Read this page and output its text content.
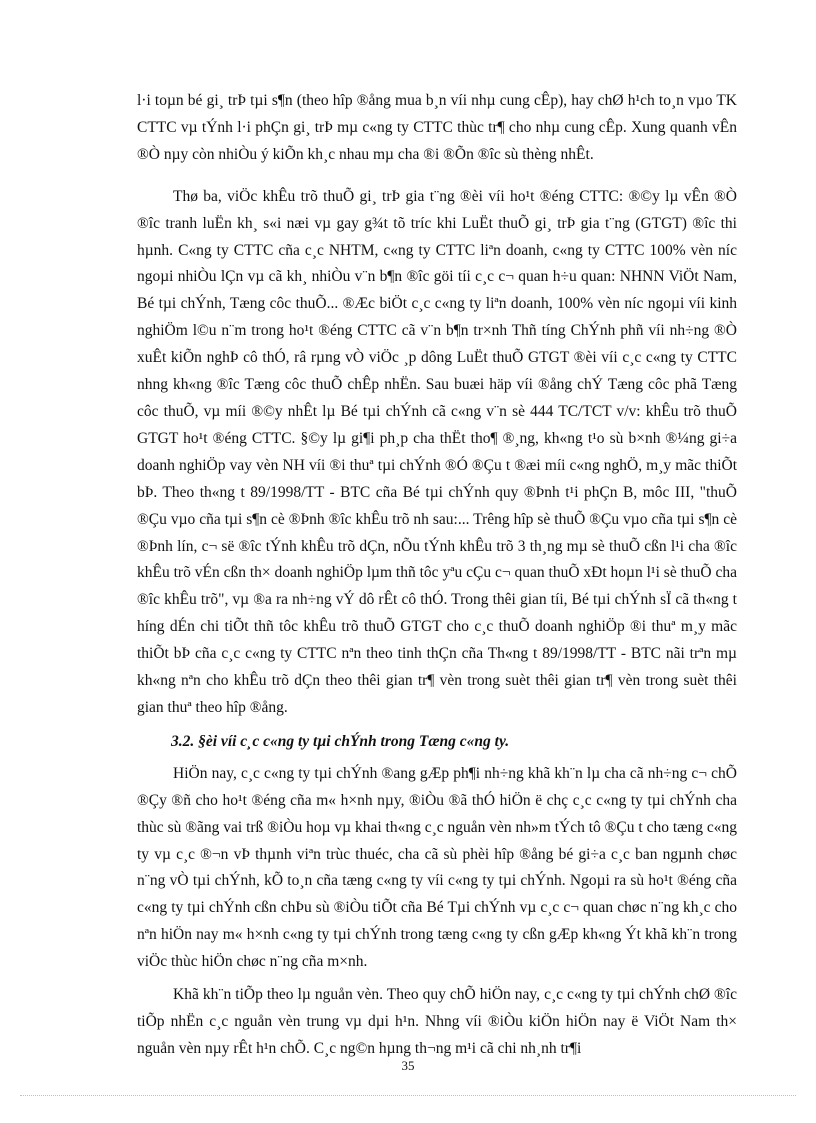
l·i toµn bé gi¸ trÞ tµi s¶n (theo hîp ®ång mua b¸n víi nhµ cung cÊp), hay chØ h¹ch to¸n vµo TK CTTC vµ tÝnh l·i phÇn gi¸ trÞ mµ c«ng ty CTTC thùc tr¶ cho nhµ cung cÊp. Xung quanh vÊn ®Ò nµy còn nhiÒu ý kiÕn kh¸c nhau mµ cha ®i ®Õn ®îc sù thèng nhÊt.

Thø ba, viÖc khÊu trõ thuÕ gi¸ trÞ gia t¨ng ®èi víi ho¹t ®éng CTTC: ®©y lµ vÊn ®Ò ®îc tranh luËn kh¸ s«i næi vµ gay g¾t tõ tríc khi LuËt thuÕ gi¸ trÞ gia t¨ng (GTGT) ®îc thi hµnh. C«ng ty CTTC cña c¸c NHTM, c«ng ty CTTC liªn doanh, c«ng ty CTTC 100% vèn níc ngoµi nhiÒu lÇn vµ cã kh¸ nhiÒu v¨n b¶n ®îc göi tíi c¸c c¬ quan h÷u quan: NHNN ViÖt Nam, Bé tµi chÝnh, Tæng côc thuÕ... ®Æc biÖt c¸c c«ng ty liªn doanh, 100% vèn níc ngoµi víi kinh nghiÖm l©u n¨m trong ho¹t ®éng CTTC cã v¨n b¶n tr×nh Thñ tíng ChÝnh phñ víi nh÷ng ®Ò xuÊt kiÕn nghÞ cô thÓ, râ rµng vÒ viÖc ¸p dông LuËt thuÕ GTGT ®èi víi c¸c c«ng ty CTTC nhng kh«ng ®îc Tæng côc thuÕ chÊp nhËn. Sau buæi häp víi ®ång chÝ Tæng côc phã Tæng côc thuÕ, vµ míi ®©y nhÊt lµ Bé tµi chÝnh cã c«ng v¨n sè 444 TC/TCT v/v: khÊu trõ thuÕ GTGT ho¹t ®éng CTTC. §©y lµ gi¶i ph¸p cha thËt tho¶ ®¸ng, kh«ng t¹o sù b×nh ®¼ng gi÷a doanh nghiÖp vay vèn NH víi ®i thuª tµi chÝnh ®Ó ®Çu t ®æi míi c«ng nghÖ, m¸y mãc thiÕt bÞ. Theo th«ng t 89/1998/TT - BTC cña Bé tµi chÝnh quy ®Þnh t¹i phÇn B, môc III, "thuÕ ®Çu vµo cña tµi s¶n cè ®Þnh ®îc khÊu trõ nh sau:... Trêng hîp sè thuÕ ®Çu vµo cña tµi s¶n cè ®Þnh lín, c¬ së ®îc tÝnh khÊu trõ dÇn, nÕu tÝnh khÊu trõ 3 th¸ng mµ sè thuÕ cßn l¹i cha ®îc khÊu trõ vÉn cßn th× doanh nghiÖp lµm thñ tôc yªu cÇu c¬ quan thuÕ xÐt hoµn l¹i sè thuÕ cha ®îc khÊu trõ", vµ ®a ra nh÷ng vÝ dô rÊt cô thÓ. Trong thêi gian tíi, Bé tµi chÝnh sÏ cã th«ng t híng dÉn chi tiÕt thñ tôc khÊu trõ thuÕ GTGT cho c¸c thuÕ doanh nghiÖp ®i thuª m¸y mãc thiÕt bÞ cña c¸c c«ng ty CTTC nªn theo tinh thÇn cña Th«ng t 89/1998/TT - BTC nãi trªn mµ kh«ng nªn cho khÊu trõ dÇn theo thêi gian tr¶ vèn trong suèt thêi gian tr¶ vèn trong suèt thêi gian thuª theo hîp ®ång.

3.2. §èi víi c¸c c«ng ty tµi chÝnh trong Tæng c«ng ty.

HiÖn nay, c¸c c«ng ty tµi chÝnh ®ang gÆp ph¶i nh÷ng khã kh¨n lµ cha cã nh÷ng c¬ chÕ ®Çy ®ñ cho ho¹t ®éng cña m« h×nh nµy, ®iÒu ®ã thÓ hiÖn ë chç c¸c c«ng ty tµi chÝnh cha thùc sù ®ãng vai trß ®iÒu hoµ vµ khai th«ng c¸c nguån vèn nh»m tÝch tô ®Çu t cho tæng c«ng ty vµ c¸c ®¬n vÞ thµnh viªn trùc thuéc, cha cã sù phèi hîp ®ång bé gi÷a c¸c ban ngµnh chøc n¨ng vÒ tµi chÝnh, kÕ to¸n cña tæng c«ng ty víi c«ng ty tµi chÝnh. Ngoµi ra sù ho¹t ®éng cña c«ng ty tµi chÝnh cßn chÞu sù ®iÒu tiÕt cña Bé Tµi chÝnh vµ c¸c c¬ quan chøc n¨ng kh¸c cho nªn hiÖn nay m« h×nh c«ng ty tµi chÝnh trong tæng c«ng ty cßn gÆp kh«ng Ýt khã kh¨n trong viÖc thùc hiÖn chøc n¨ng cña m×nh.

Khã kh¨n tiÕp theo lµ nguån vèn. Theo quy chÕ hiÖn nay, c¸c c«ng ty tµi chÝnh chØ ®îc tiÕp nhËn c¸c nguån vèn trung vµ dµi h¹n. Nhng víi ®iÒu kiÖn hiÖn nay ë ViÖt Nam th× nguån vèn nµy rÊt h¹n chÕ. C¸c ng©n hµng th¬ng m¹i cã chi nh¸nh tr¶i

35
